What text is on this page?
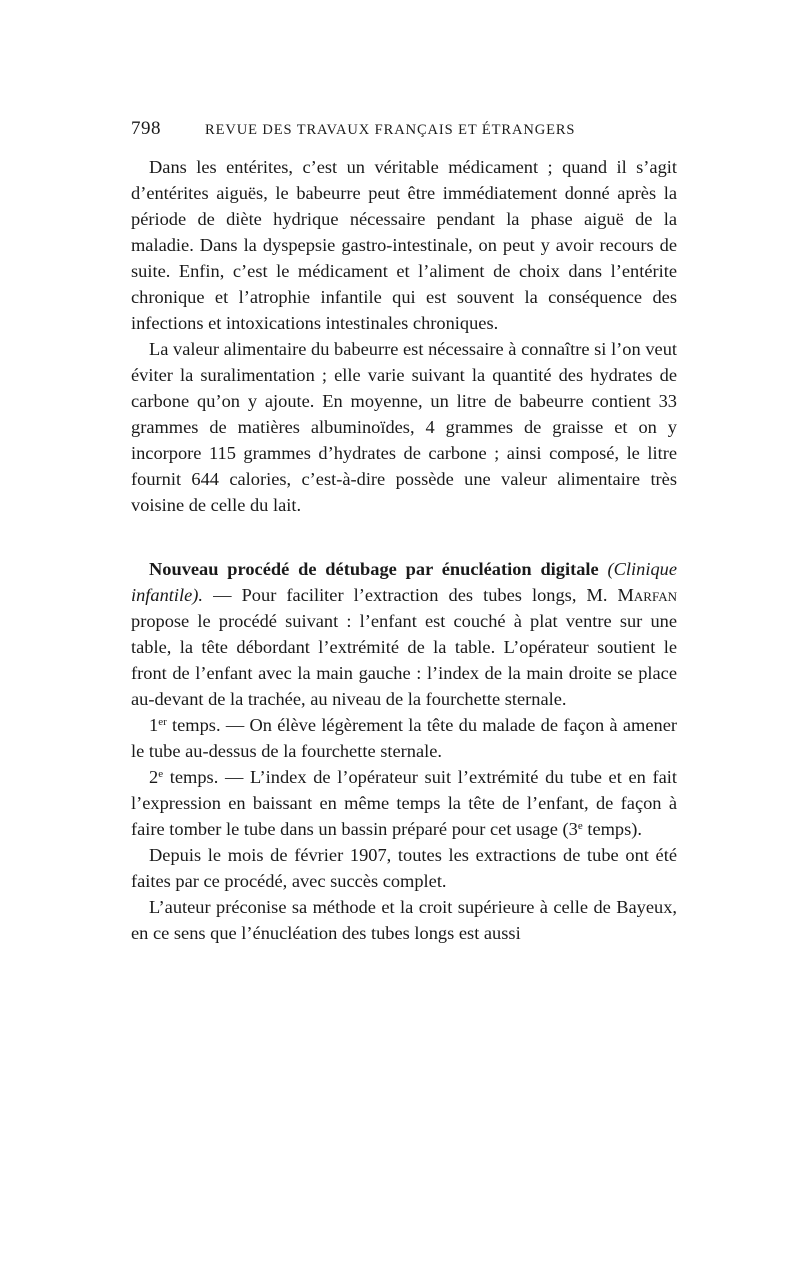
798	REVUE DES TRAVAUX FRANÇAIS ET ÉTRANGERS

Dans les entérites, c’est un véritable médicament ; quand il s’agit d’entérites aiguës, le babeurre peut être immédiatement donné après la période de diète hydrique nécessaire pendant la phase aiguë de la maladie. Dans la dyspepsie gastro-intestinale, on peut y avoir recours de suite. Enfin, c’est le médicament et l’aliment de choix dans l’entérite chronique et l’atrophie infantile qui est souvent la conséquence des infections et intoxications intestinales chroniques.

La valeur alimentaire du babeurre est nécessaire à connaître si l’on veut éviter la suralimentation ; elle varie suivant la quantité des hydrates de carbone qu’on y ajoute. En moyenne, un litre de babeurre contient 33 grammes de matières albuminoïdes, 4 grammes de graisse et on y incorpore 115 grammes d’hydrates de carbone ; ainsi composé, le litre fournit 644 calories, c’est-à-dire possède une valeur alimentaire très voisine de celle du lait.

Nouveau procédé de détubage par énucléation digitale (Clinique infantile). — Pour faciliter l’extraction des tubes longs, M. Marfan propose le procédé suivant : l’enfant est couché à plat ventre sur une table, la tête débordant l’extrémité de la table. L’opérateur soutient le front de l’enfant avec la main gauche : l’index de la main droite se place au-devant de la trachée, au niveau de la fourchette sternale.

1er temps. — On élève légèrement la tête du malade de façon à amener le tube au-dessus de la fourchette sternale.

2e temps. — L’index de l’opérateur suit l’extrémité du tube et en fait l’expression en baissant en même temps la tête de l’enfant, de façon à faire tomber le tube dans un bassin préparé pour cet usage (3e temps).

Depuis le mois de février 1907, toutes les extractions de tube ont été faites par ce procédé, avec succès complet.

L’auteur préconise sa méthode et la croit supérieure à celle de Bayeux, en ce sens que l’énucléation des tubes longs est aussi
